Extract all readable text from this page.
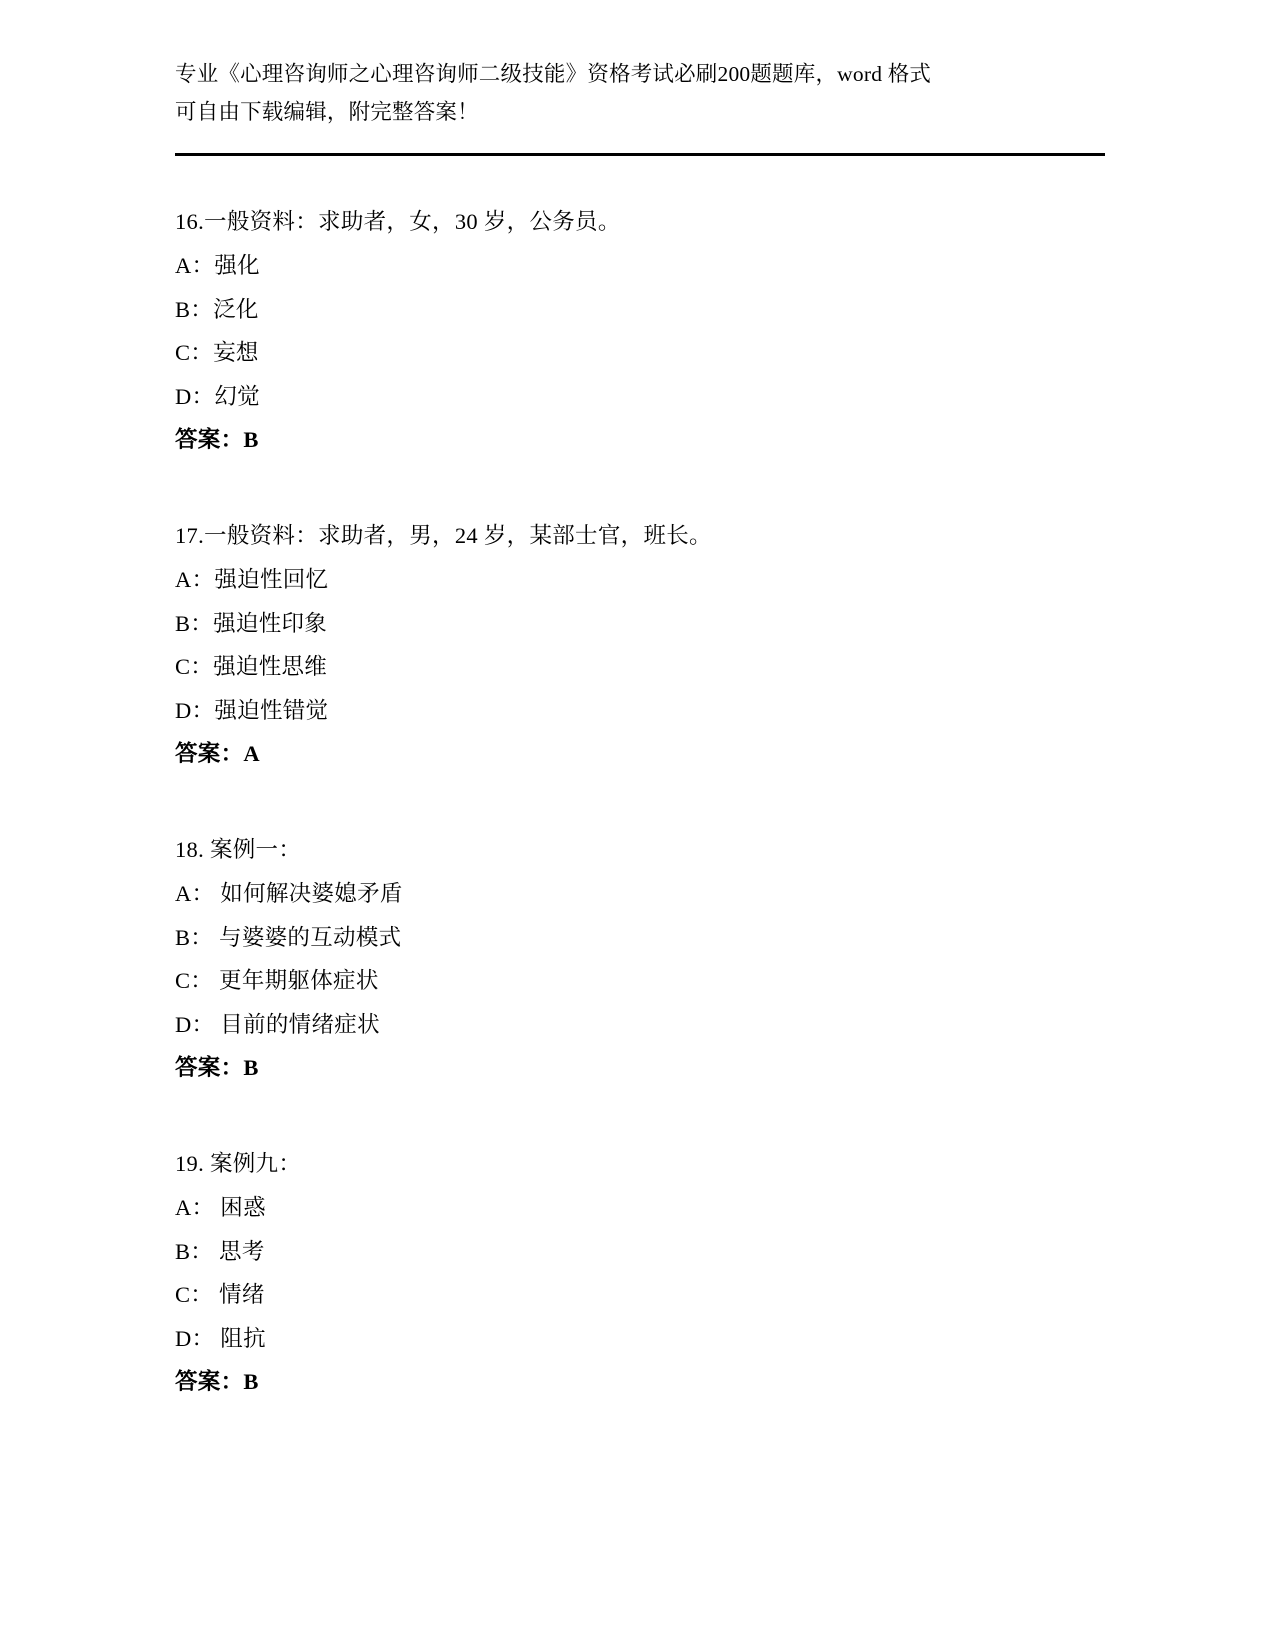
专业《心理咨询师之心理咨询师二级技能》资格考试必刷200题题库，word 格式
可自由下载编辑，附完整答案！
16.一般资料：求助者，女，30 岁，公务员。
A：强化
B：泛化
C：妄想
D：幻觉
答案：B
17.一般资料：求助者，男，24 岁，某部士官，班长。
A：强迫性回忆
B：强迫性印象
C：强迫性思维
D：强迫性错觉
答案：A
18. 案例一：
A： 如何解决婆媳矛盾
B： 与婆婆的互动模式
C： 更年期躯体症状
D： 目前的情绪症状
答案：B
19. 案例九：
A： 困惑
B： 思考
C： 情绪
D： 阻抗
答案：B
